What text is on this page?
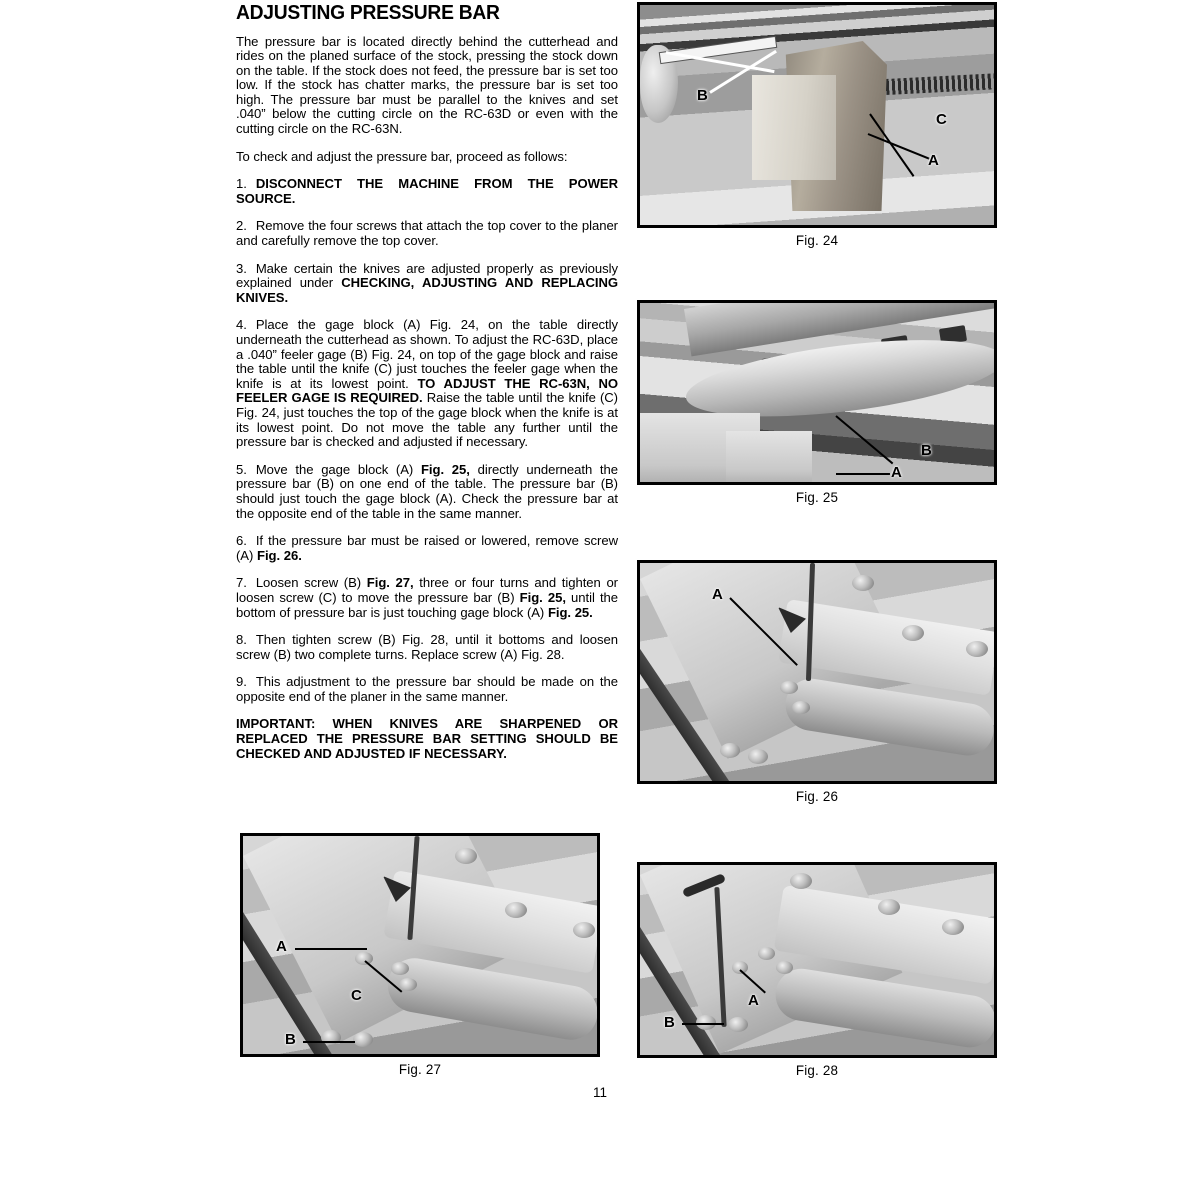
ADJUSTING PRESSURE BAR

The pressure bar is located directly behind the cutterhead and rides on the planed surface of the stock, pressing the stock down on the table. If the stock does not feed, the pressure bar is set too low. If the stock has chatter marks, the pressure bar is set too high. The pressure bar must be parallel to the knives and set .040” below the cutting circle on the RC-63D or even with the cutting circle on the RC-63N.

To check and adjust the pressure bar, proceed as follows:

1. DISCONNECT THE MACHINE FROM THE POWER SOURCE.

2. Remove the four screws that attach the top cover to the planer and carefully remove the top cover.

3. Make certain the knives are adjusted properly as previously explained under CHECKING, ADJUSTING AND REPLACING KNIVES.

4. Place the gage block (A) Fig. 24, on the table directly underneath the cutterhead as shown. To adjust the RC-63D, place a .040” feeler gage (B) Fig. 24, on top of the gage block and raise the table until the knife (C) just touches the feeler gage when the knife is at its lowest point. TO ADJUST THE RC-63N, NO FEELER GAGE IS REQUIRED. Raise the table until the knife (C) Fig. 24, just touches the top of the gage block when the knife is at its lowest point. Do not move the table any further until the pressure bar is checked and adjusted if necessary.

5. Move the gage block (A) Fig. 25, directly underneath the pressure bar (B) on one end of the table. The pressure bar (B) should just touch the gage block (A). Check the pressure bar at the opposite end of the table in the same manner.

6. If the pressure bar must be raised or lowered, remove screw (A) Fig. 26.

7. Loosen screw (B) Fig. 27, three or four turns and tighten or loosen screw (C) to move the pressure bar (B) Fig. 25, until the bottom of pressure bar is just touching gage block (A) Fig. 25.

8. Then tighten screw (B) Fig. 28, until it bottoms and loosen screw (B) two complete turns. Replace screw (A) Fig. 28.

9. This adjustment to the pressure bar should be made on the opposite end of the planer in the same manner.

IMPORTANT: WHEN KNIVES ARE SHARPENED OR REPLACED THE PRESSURE BAR SETTING SHOULD BE CHECKED AND ADJUSTED IF NECESSARY.

B
C
A
Fig. 24
A
B
Fig. 25
A
Fig. 26
A
C
B
Fig. 27
A
B
Fig. 28
11
